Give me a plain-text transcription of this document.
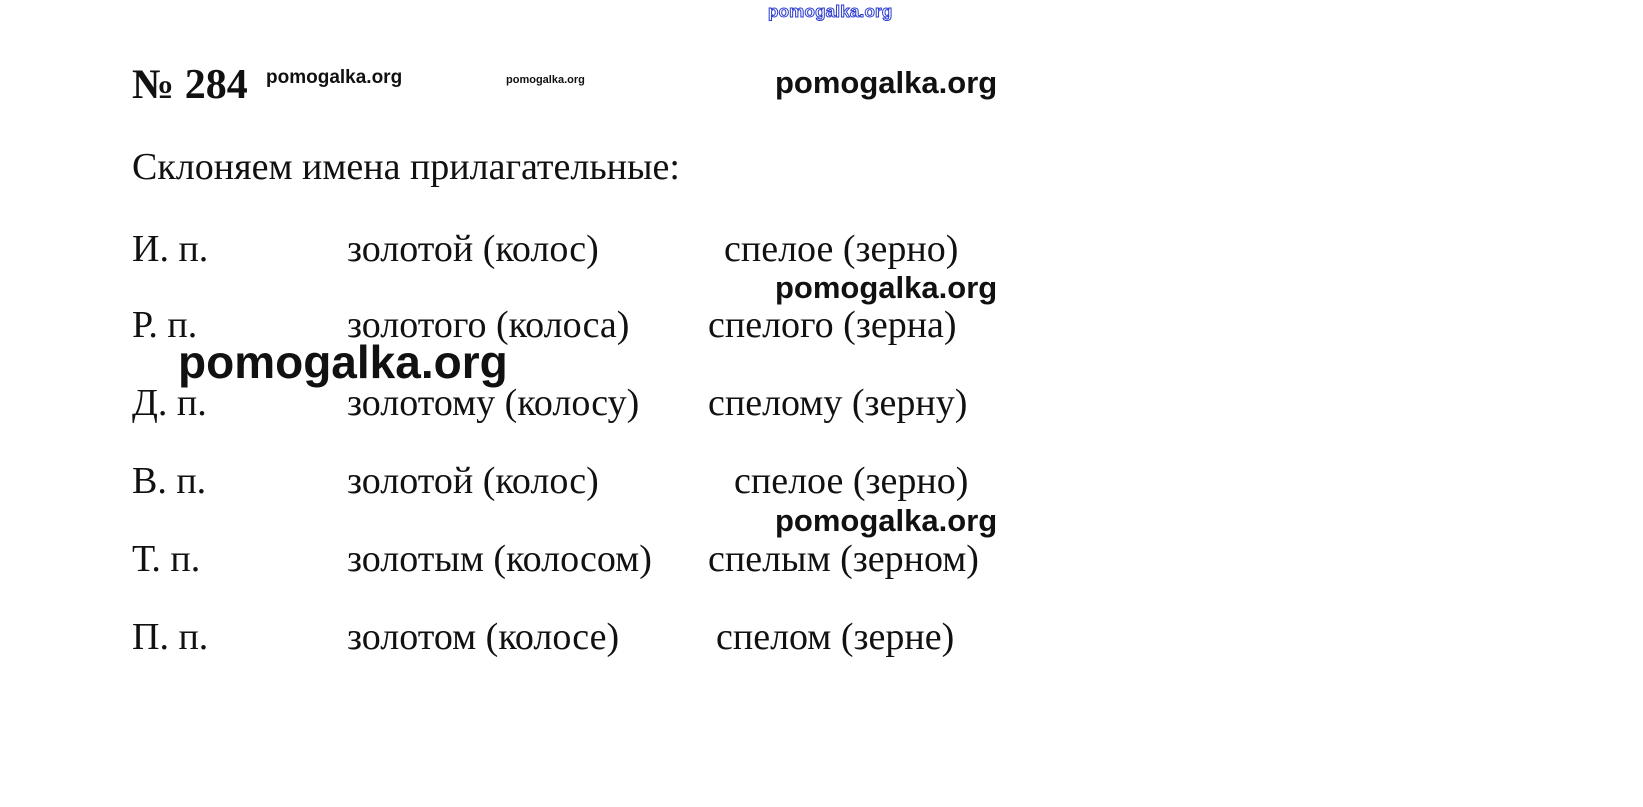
pomogalka.org
№ 284 pomogalka.org	pomogalka.org	pomogalka.org
Склоняем имена прилагательные:
И. п.	золотой (колос)	спелое (зерно)
pomogalka.org
Р. п.	золотого (колоса) спелого (зерна)
Д. п.	золотому (колосу) спелому (зерну)
pomogalka.org
В. п.	золотой (колос)	спелое (зерно)
pomogalka.org
Т. п.	золотым (колосом) спелым (зерном)
П. п.	золотом (колосе)	спелом (зерне)
